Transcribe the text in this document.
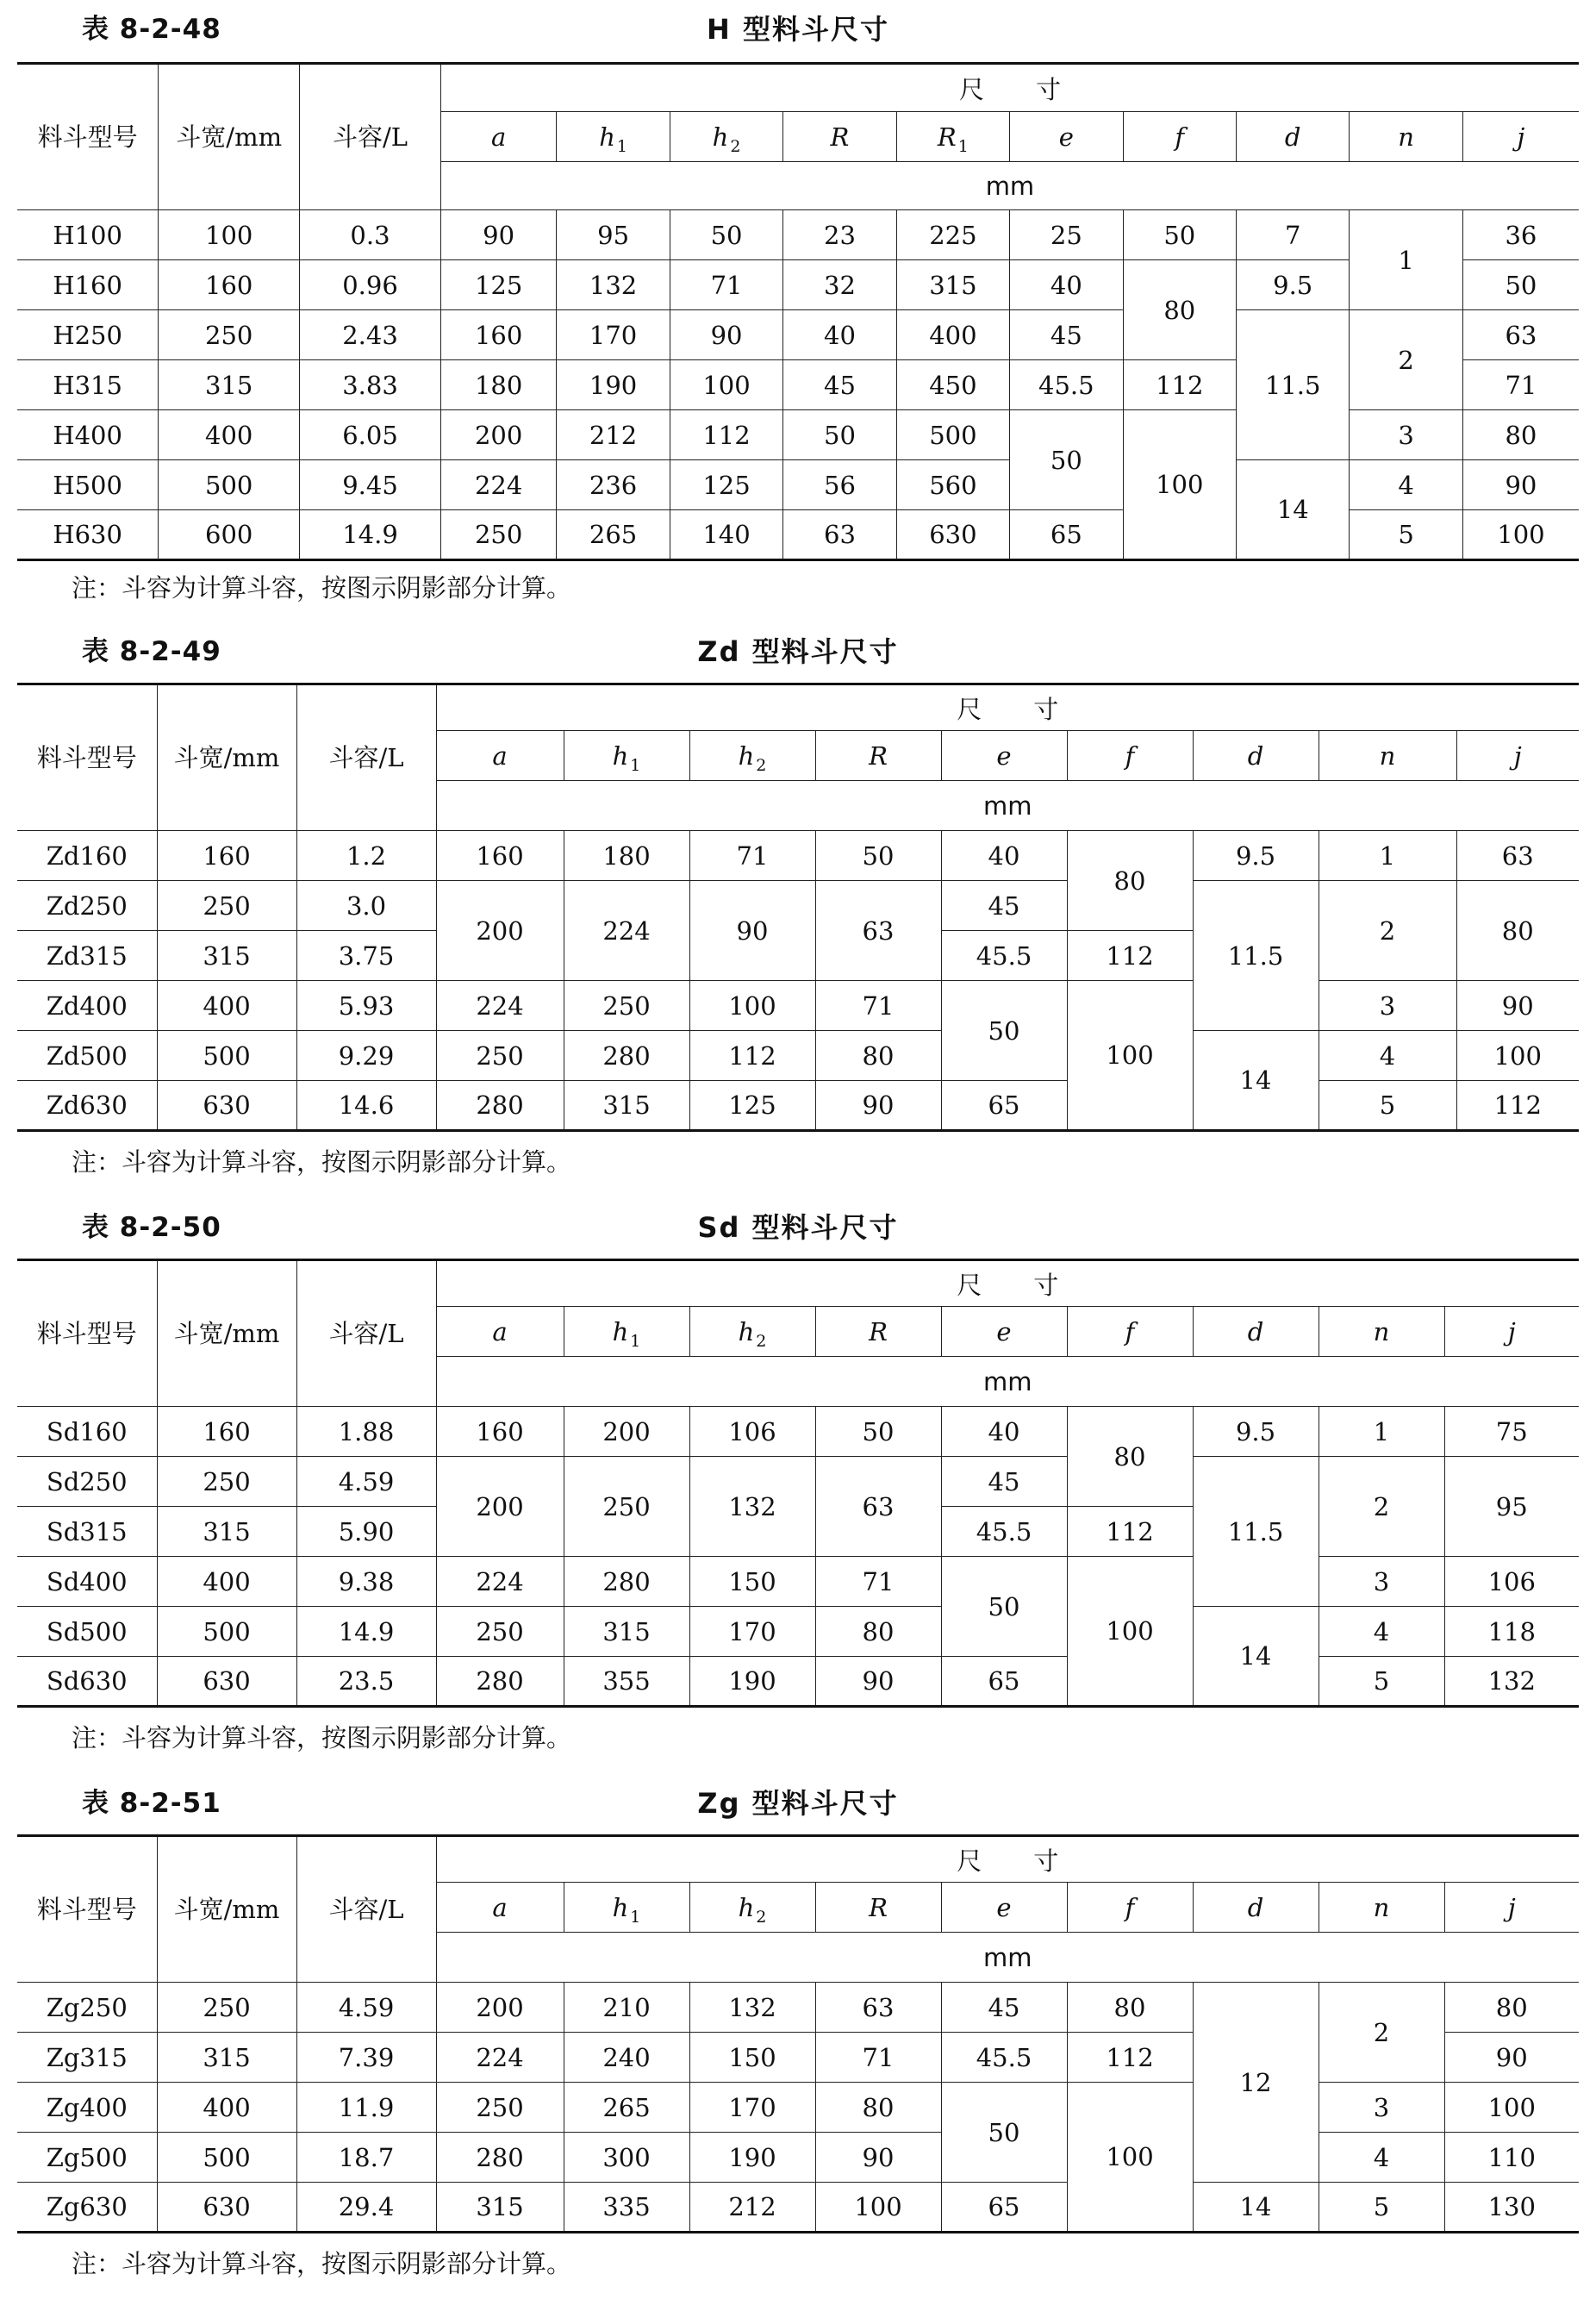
表 8-2-48	H 型料斗尺寸
料斗型号	斗宽/mm	斗容/L	尺寸									
			a	h $_1$	h $_2$	R	R $_1$	e	f	d	n	j
			mm									
H100	100	0.3	90	95	50	23	225	25	50	7	1	36
H160	160	0.96	125	132	71	32	315	40	80	9.5		50
H250	250	2.43	160	170	90	40	400	45		11.5	2	63
H315	315	3.83	180	190	100	45	450	45.5	112			71
H400	400	6.05	200	212	112	50	500	50	100		3	80
H500	500	9.45	224	236	125	56	560			14	4	90
H630	600	14.9	250	265	140	63	630	65			5	100
注：斗容为计算斗容，按图示阴影部分计算。
表 8-2-49	Zd 型料斗尺寸
料斗型号	斗宽/mm	斗容/L	尺寸								
			a	h $_1$	h $_2$	R	e	f	d	n	j
			mm								
Zd160	160	1.2	160	180	71	50	40	80	9.5	1	63
Zd250	250	3.0	200	224	90	63	45		11.5	2	80
Zd315	315	3.75					45.5	112			
Zd400	400	5.93	224	250	100	71	50	100		3	90
Zd500	500	9.29	250	280	112	80			14	4	100
Zd630	630	14.6	280	315	125	90	65			5	112
注：斗容为计算斗容，按图示阴影部分计算。
表 8-2-50	Sd 型料斗尺寸
料斗型号	斗宽/mm	斗容/L	尺寸								
			a	h $_1$	h $_2$	R	e	f	d	n	j
			mm								
Sd160	160	1.88	160	200	106	50	40	80	9.5	1	75
Sd250	250	4.59	200	250	132	63	45		11.5	2	95
Sd315	315	5.90					45.5	112			
Sd400	400	9.38	224	280	150	71	50	100		3	106
Sd500	500	14.9	250	315	170	80			14	4	118
Sd630	630	23.5	280	355	190	90	65			5	132
注：斗容为计算斗容，按图示阴影部分计算。
表 8-2-51	Zg 型料斗尺寸
料斗型号	斗宽/mm	斗容/L	尺寸								
			a	h $_1$	h $_2$	R	e	f	d	n	j
			mm								
Zg250	250	4.59	200	210	132	63	45	80	12	2	80
Zg315	315	7.39	224	240	150	71	45.5	112			90
Zg400	400	11.9	250	265	170	80	50	100		3	100
Zg500	500	18.7	280	300	190	90				4	110
Zg630	630	29.4	315	335	212	100	65		14	5	130
注：斗容为计算斗容，按图示阴影部分计算。
